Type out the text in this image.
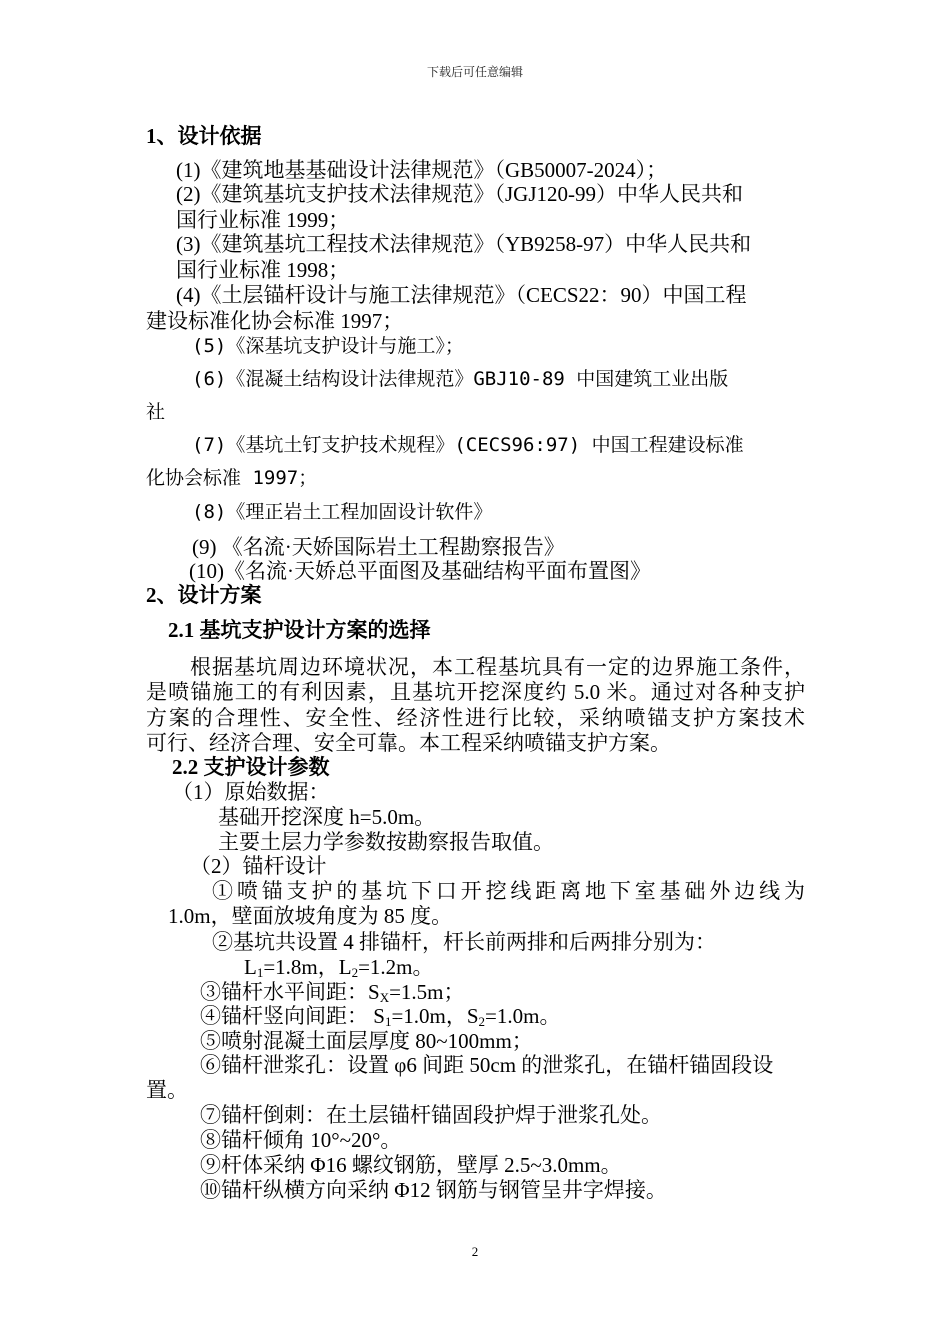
下载后可任意编辑
1、设计依据
(1)《建筑地基基础设计法律规范》（GB50007-2024）；
(2)《建筑基坑支护技术法律规范》（JGJ120-99）中华人民共和
国行业标准 1999；
(3)《建筑基坑工程技术法律规范》（YB9258-97）中华人民共和
国行业标准 1998；
(4)《土层锚杆设计与施工法律规范》（CECS22：90）中国工程
建设标准化协会标准 1997；
(5)《深基坑支护设计与施工》；
(6)《混凝土结构设计法律规范》GBJ10-89 中国建筑工业出版
社
(7)《基坑土钉支护技术规程》(CECS96:97) 中国工程建设标准
化协会标准 1997；
(8)《理正岩土工程加固设计软件》
(9) 《名流·天娇国际岩土工程勘察报告》
(10)《名流·天娇总平面图及基础结构平面布置图》
2、设计方案
2.1 基坑支护设计方案的选择
根据基坑周边环境状况，本工程基坑具有一定的边界施工条件，
是喷锚施工的有利因素，且基坑开挖深度约 5.0 米。通过对各种支护
方案的合理性、安全性、经济性进行比较，采纳喷锚支护方案技术
可行、经济合理、安全可靠。本工程采纳喷锚支护方案。
2.2 支护设计参数
（1）原始数据：
基础开挖深度 h=5.0m。
主要土层力学参数按勘察报告取值。
（2）锚杆设计
①喷锚支护的基坑下口开挖线距离地下室基础外边线为
1.0m，壁面放坡角度为 85 度。
②基坑共设置 4 排锚杆，杆长前两排和后两排分别为：
$L_1=1.8m$，$L_2=1.2m$。
③锚杆水平间距：$S_X=1.5m$；
④锚杆竖向间距： $S_1=1.0m$，$S_2=1.0m$。
⑤喷射混凝土面层厚度 80~100mm；
⑥锚杆泄浆孔：设置 φ6 间距 50cm 的泄浆孔，在锚杆锚固段设
置。
⑦锚杆倒刺：在土层锚杆锚固段护焊于泄浆孔处。
⑧锚杆倾角 10°~20°。
⑨杆体采纳 Φ16 螺纹钢筋，壁厚 2.5~3.0mm。
⑩锚杆纵横方向采纳 Φ12 钢筋与钢管呈井字焊接。
2
